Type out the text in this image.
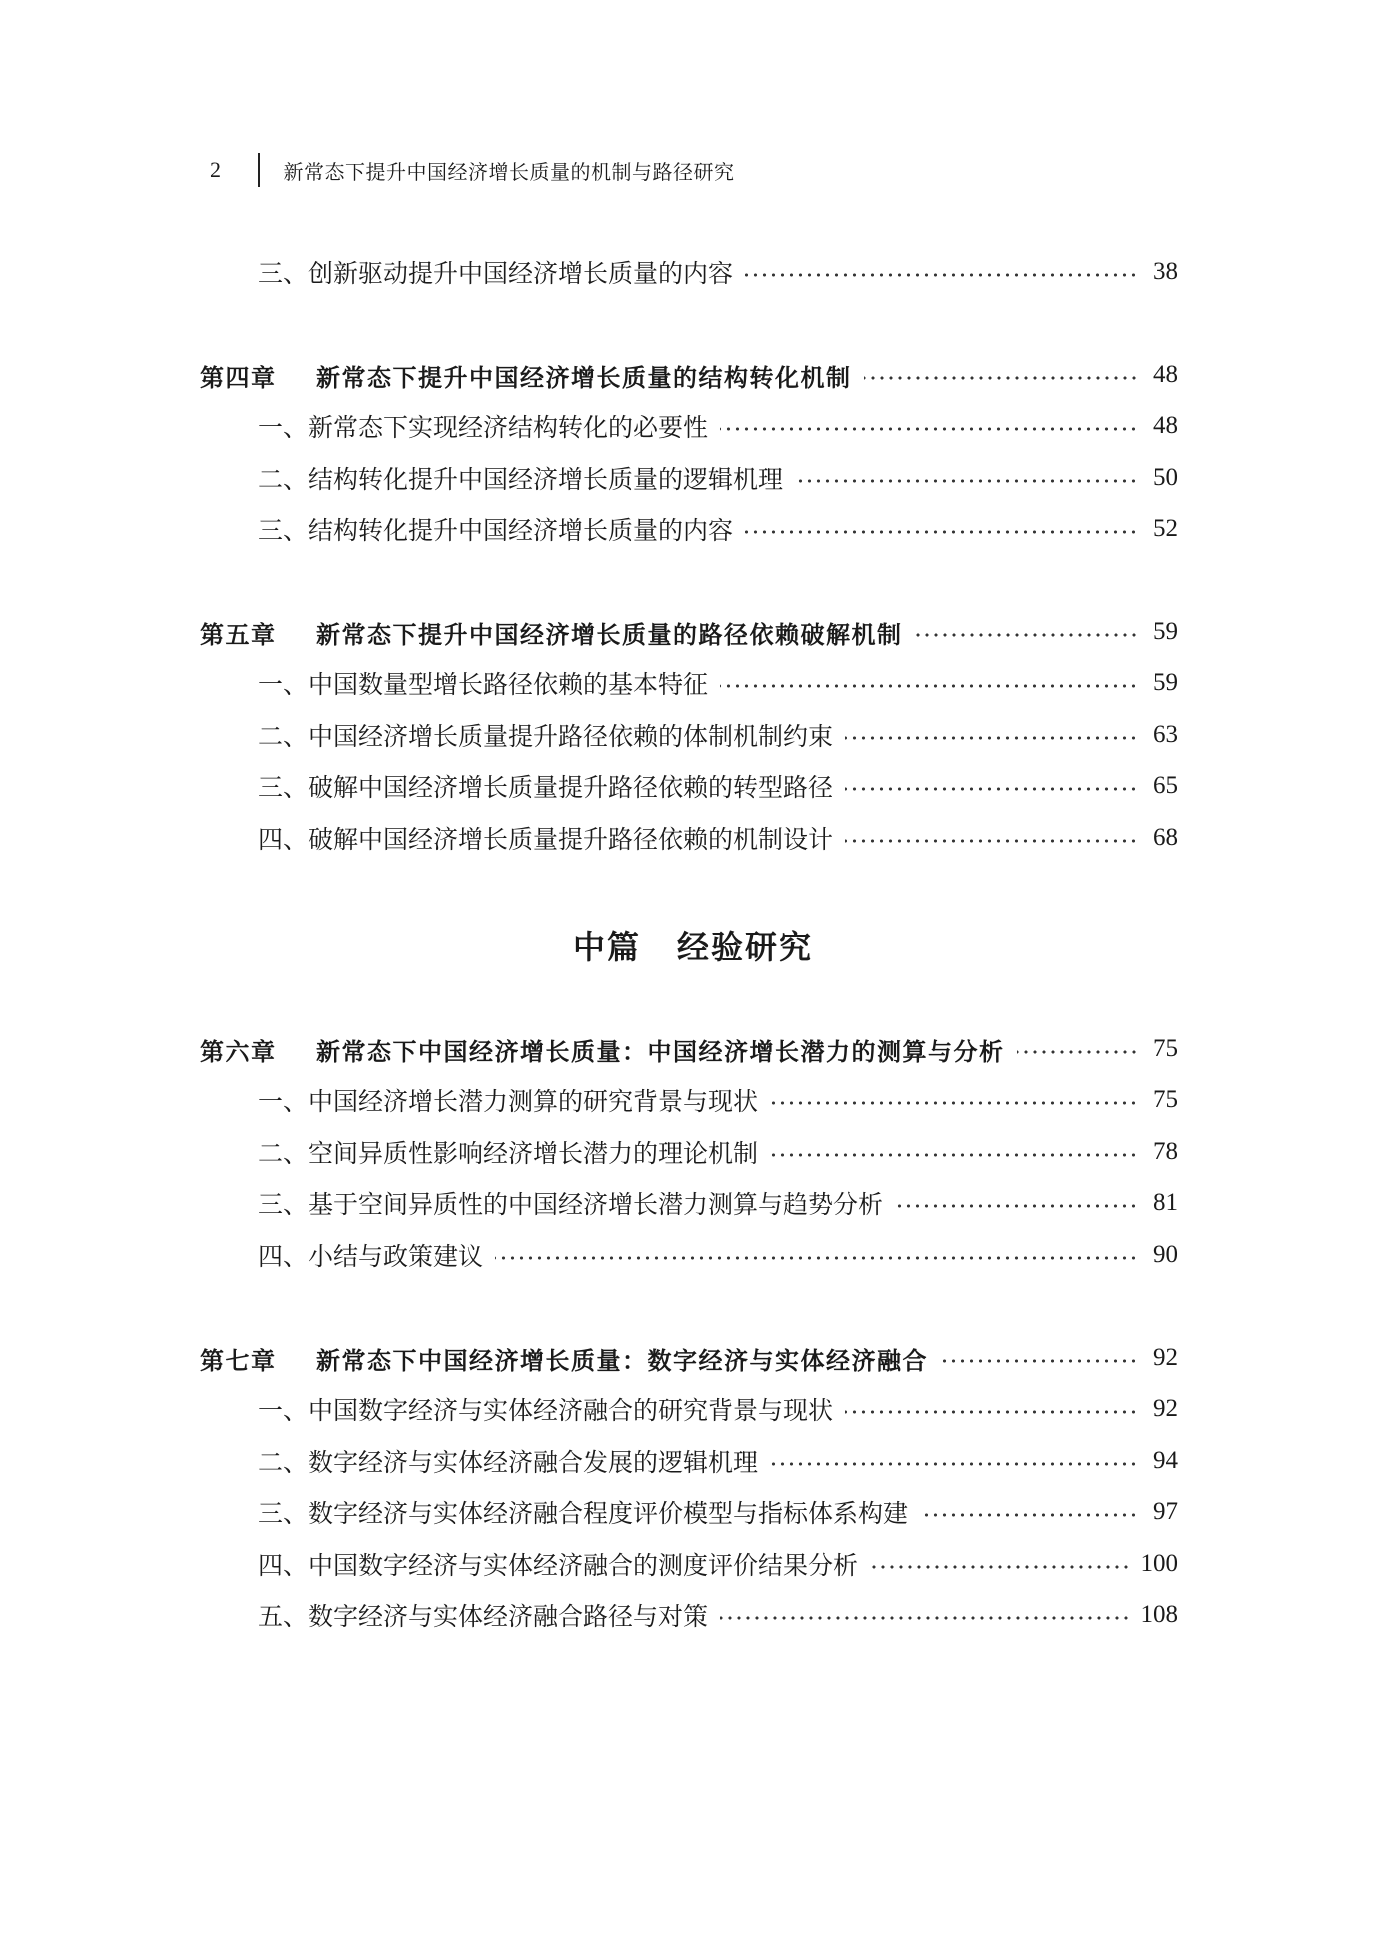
2	新常态下提升中国经济增长质量的机制与路径研究
三、创新驱动提升中国经济增长质量的内容	38
第四章	新常态下提升中国经济增长质量的结构转化机制	48
一、新常态下实现经济结构转化的必要性	48
二、结构转化提升中国经济增长质量的逻辑机理	50
三、结构转化提升中国经济增长质量的内容	52
第五章	新常态下提升中国经济增长质量的路径依赖破解机制	59
一、中国数量型增长路径依赖的基本特征	59
二、中国经济增长质量提升路径依赖的体制机制约束	63
三、破解中国经济增长质量提升路径依赖的转型路径	65
四、破解中国经济增长质量提升路径依赖的机制设计	68
中篇 经验研究
第六章	新常态下中国经济增长质量：中国经济增长潜力的测算与分析	75
一、中国经济增长潜力测算的研究背景与现状	75
二、空间异质性影响经济增长潜力的理论机制	78
三、基于空间异质性的中国经济增长潜力测算与趋势分析	81
四、小结与政策建议	90
第七章	新常态下中国经济增长质量：数字经济与实体经济融合	92
一、中国数字经济与实体经济融合的研究背景与现状	92
二、数字经济与实体经济融合发展的逻辑机理	94
三、数字经济与实体经济融合程度评价模型与指标体系构建	97
四、中国数字经济与实体经济融合的测度评价结果分析	100
五、数字经济与实体经济融合路径与对策	108
